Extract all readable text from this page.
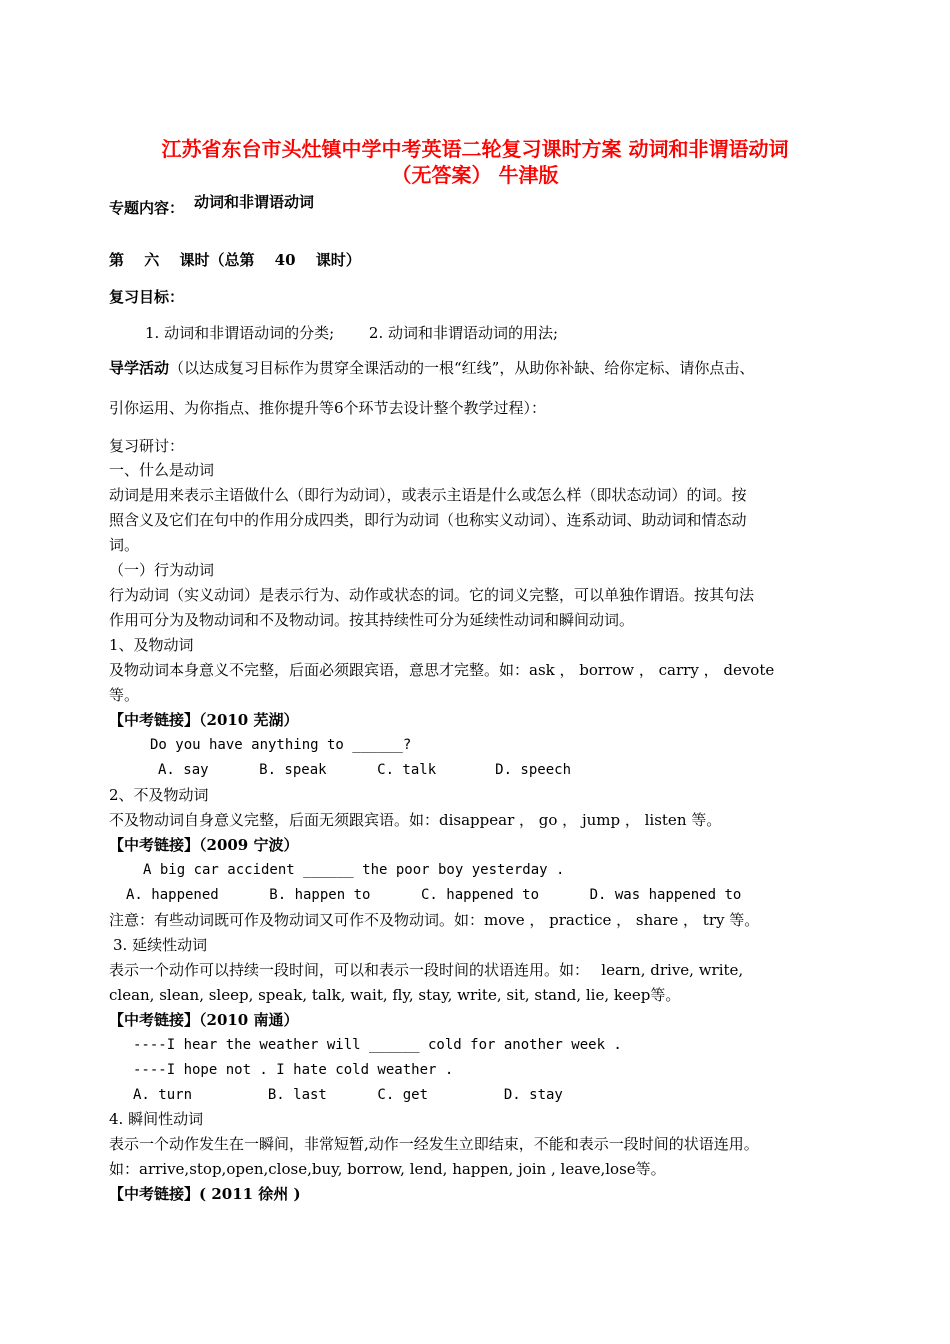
江苏省东台市头灶镇中学中考英语二轮复习课时方案 动词和非谓语动词
（无答案） 牛津版
专题内容： 动词和非谓语动词
第　 六　 课时（总第　 40　 课时）
复习目标：
1. 动词和非谓语动词的分类;　　 2. 动词和非谓语动词的用法;
导学活动（以达成复习目标作为贯穿全课活动的一根“红线”，从助你补缺、给你定标、请你点击、
引你运用、为你指点、推你提升等6个环节去设计整个教学过程）：
复习研讨：
一、什么是动词
动词是用来表示主语做什么（即行为动词），或表示主语是什么或怎么样（即状态动词）的词。按
照含义及它们在句中的作用分成四类，即行为动词（也称实义动词）、连系动词、助动词和情态动
词。
（一）行为动词
行为动词（实义动词）是表示行为、动作或状态的词。它的词义完整，可以单独作谓语。按其句法
作用可分为及物动词和不及物动词。按其持续性可分为延续性动词和瞬间动词。
1、及物动词
及物动词本身意义不完整，后面必须跟宾语，意思才完整。如：ask ， borrow ， carry ， devote
等。
【中考链接】（2010 芜湖）
Do you have anything to ______?
A. say      B. speak      C. talk       D. speech
2、不及物动词
不及物动词自身意义完整，后面无须跟宾语。如：disappear ， go ， jump ， listen 等。
【中考链接】（2009 宁波）
A big car accident ______ the poor boy yesterday .
A. happened      B. happen to      C. happened to      D. was happened to
注意：有些动词既可作及物动词又可作不及物动词。如：move ， practice ， share ， try 等。
3. 延续性动词
表示一个动作可以持续一段时间，可以和表示一段时间的状语连用。如：　 learn, drive, write,
clean, slean, sleep, speak, talk, wait, fly, stay, write, sit, stand, lie, keep等。
【中考链接】（2010 南通）
----I hear the weather will ______ cold for another week .
----I hope not . I hate cold weather .
A. turn         B. last      C. get         D. stay
4. 瞬间性动词
表示一个动作发生在一瞬间，非常短暂,动作一经发生立即结束，不能和表示一段时间的状语连用。
如：arrive,stop,open,close,buy, borrow, lend, happen, join , leave,lose等。
【中考链接】( 2011 徐州 )
